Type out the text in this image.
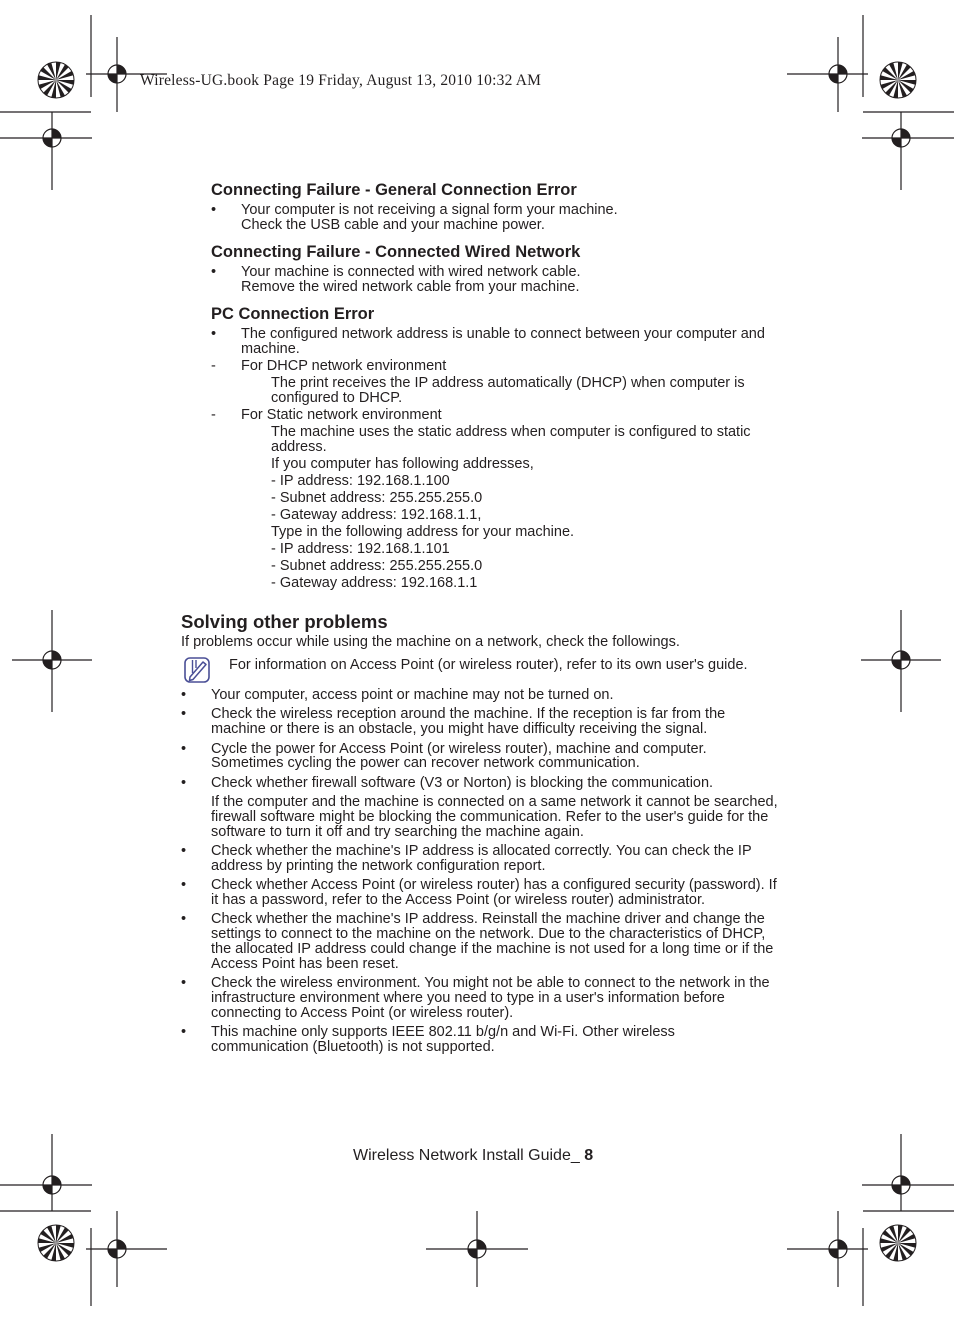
Wireless-UG.book Page 19 Friday, August 13, 2010 10:32 AM
Connecting Failure - General Connection Error
• Your computer is not receiving a signal form your machine.
Check the USB cable and your machine power.
Connecting Failure - Connected Wired Network
• Your machine is connected with wired network cable.
Remove the wired network cable from your machine.
PC Connection Error
• The configured network address is unable to connect between your computer and
machine.
- For DHCP network environment
The print receives the IP address automatically (DHCP) when computer is
configured to DHCP.
- For Static network environment
The machine uses the static address when computer is configured to static
address.
If you computer has following addresses,
- IP address: 192.168.1.100
- Subnet address: 255.255.255.0
- Gateway address: 192.168.1.1,
Type in the following address for your machine.
- IP address: 192.168.1.101
- Subnet address: 255.255.255.0
- Gateway address: 192.168.1.1
Solving other problems
If problems occur while using the machine on a network, check the followings.
For information on Access Point (or wireless router), refer to its own user's guide.
• Your computer, access point or machine may not be turned on.
• Check the wireless reception around the machine. If the reception is far from the
machine or there is an obstacle, you might have difficulty receiving the signal.
• Cycle the power for Access Point (or wireless router), machine and computer.
Sometimes cycling the power can recover network communication.
• Check whether firewall software (V3 or Norton) is blocking the communication.
If the computer and the machine is connected on a same network it cannot be searched,
firewall software might be blocking the communication. Refer to the user's guide for the
software to turn it off and try searching the machine again.
• Check whether the machine's IP address is allocated correctly. You can check the IP
address by printing the network configuration report.
• Check whether Access Point (or wireless router) has a configured security (password). If
it has a password, refer to the Access Point (or wireless router) administrator.
• Check whether the machine's IP address. Reinstall the machine driver and change the
settings to connect to the machine on the network. Due to the characteristics of DHCP,
the allocated IP address could change if the machine is not used for a long time or if the
Access Point has been reset.
• Check the wireless environment. You might not be able to connect to the network in the
infrastructure environment where you need to type in a user's information before
connecting to Access Point (or wireless router).
• This machine only supports IEEE 802.11 b/g/n and Wi-Fi. Other wireless
communication (Bluetooth) is not supported.
Wireless Network Install Guide_ 8
